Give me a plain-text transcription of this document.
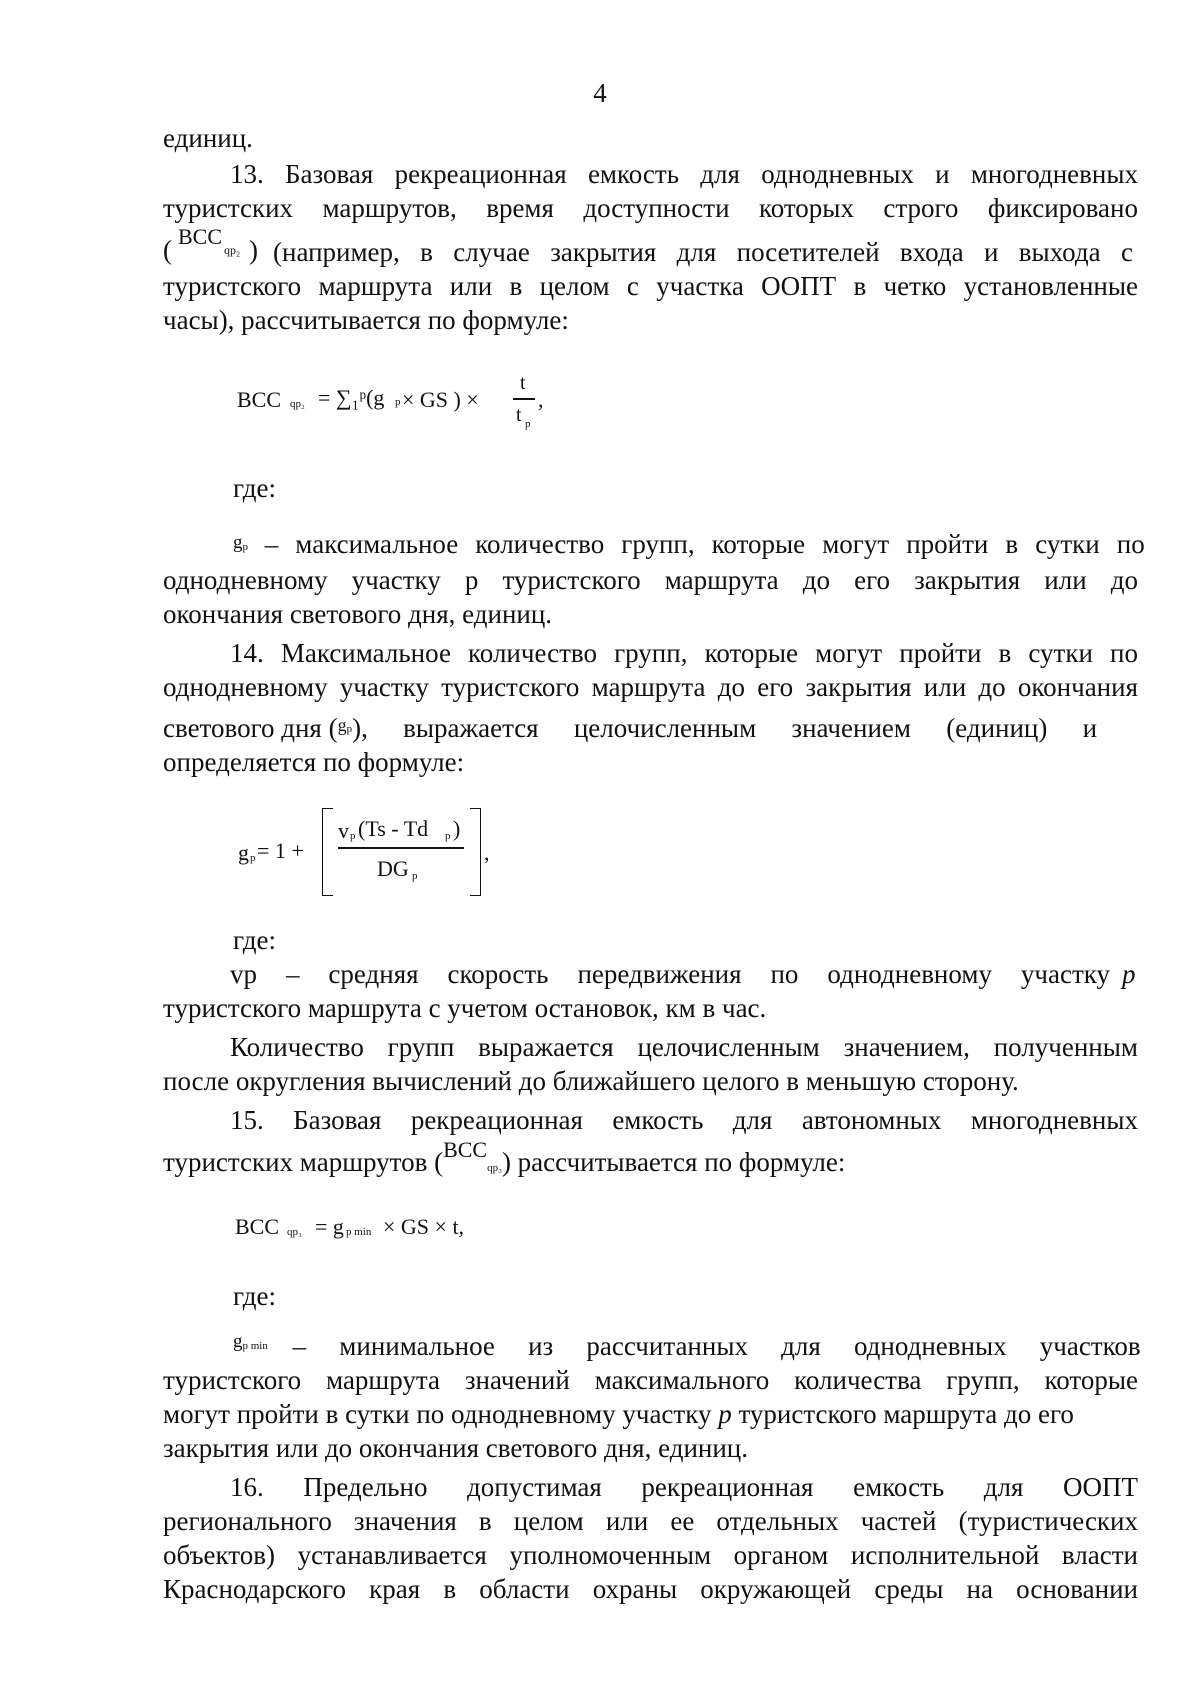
4
единиц.
13. Базовая рекреационная емкость для однодневных и многодневных
туристских маршрутов, время доступности которых строго фиксировано
( BCC
qp₂ ) (например, в случае закрытия для посетителей входа и выхода с
туристского маршрута или в целом с участка ООПТ в четко установленные
часы), рассчитывается по формуле:
BCC qp₂ = ∑₁ᵖ(g p × GS ) ×
t
t p
,
где:
gp – максимальное количество групп, которые могут пройти в сутки по
однодневному участку р туристского маршрута до его закрытия или до
окончания светового дня, единиц.
14. Максимальное количество групп, которые могут пройти в сутки по
однодневному участку туристского маршрута до его закрытия или до окончания
светового дня ($^g$p), выражается целочисленным значением (единиц) и
определяется по формуле:
g p = 1 +
v p (Ts - Td p )
DG p
,
где:
vp – средняя скорость передвижения по однодневному участку p
туристского маршрута с учетом остановок, км в час.
Количество групп выражается целочисленным значением, полученным
после округления вычислений до ближайшего целого в меньшую сторону.
15. Базовая рекреационная емкость для автономных многодневных
туристских маршрутов ($^{BCC}$qp₃) рассчитывается по формуле:
BCC qp₃ = g p min × GS × t,
где:
$^{gp min}$ – минимальное из рассчитанных для однодневных участков
туристского маршрута значений максимального количества групп, которые
могут пройти в сутки по однодневному участку р туристского маршрута до его
закрытия или до окончания светового дня, единиц.
16. Предельно допустимая рекреационная емкость для ООПТ
регионального значения в целом или ее отдельных частей (туристических
объектов) устанавливается уполномоченным органом исполнительной власти
Краснодарского края в области охраны окружающей среды на основании
